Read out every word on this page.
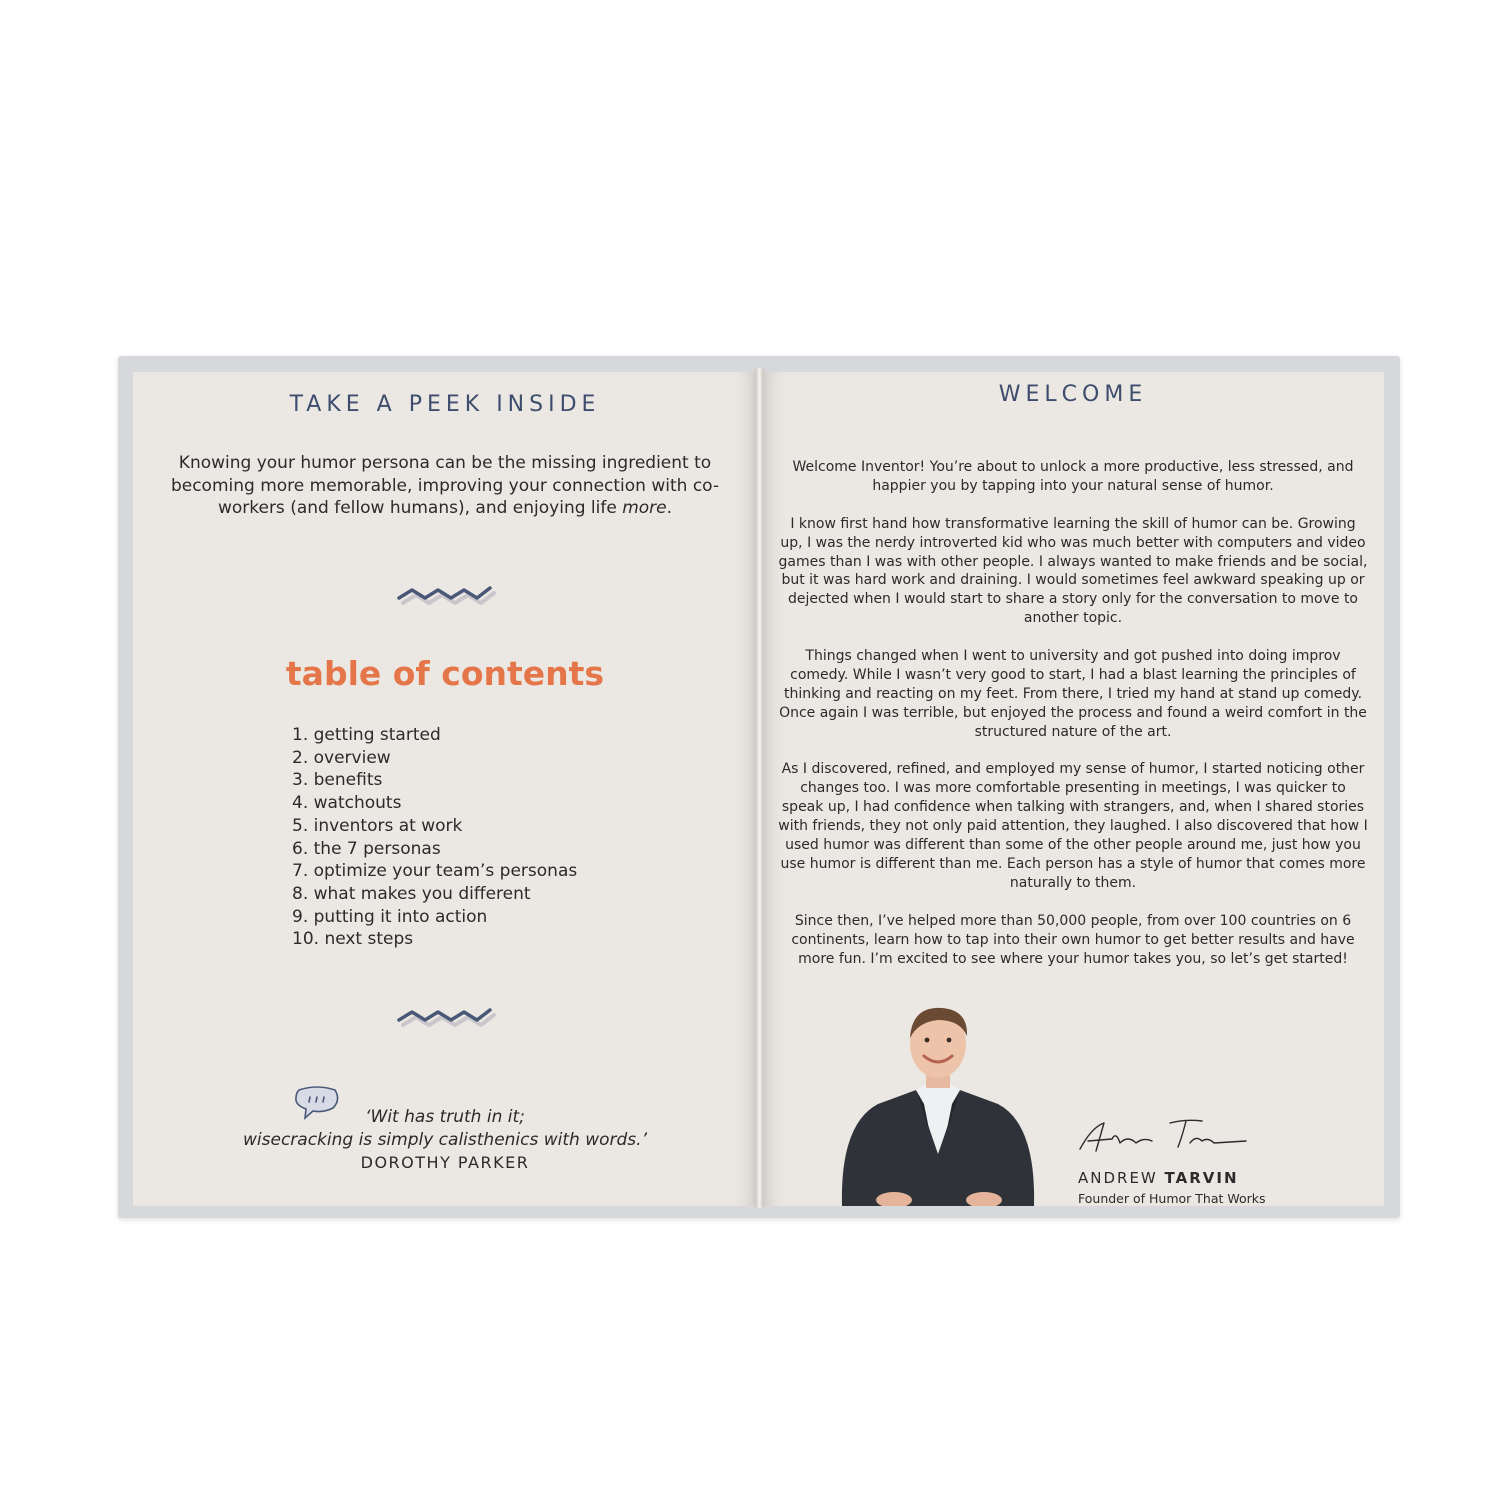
TAKE A PEEK INSIDE
Knowing your humor persona can be the missing ingredient to becoming more memorable, improving your connection with co-workers (and fellow humans), and enjoying life more.
table of contents
1. getting started
2. overview
3. benefits
4. watchouts
5. inventors at work
6. the 7 personas
7. optimize your team’s personas
8. what makes you different
9. putting it into action
10. next steps
‘Wit has truth in it;
wisecracking is simply calisthenics with words.’
DOROTHY PARKER
WELCOME

Welcome Inventor! You’re about to unlock a more productive, less stressed, and happier you by tapping into your natural sense of humor.

I know first hand how transformative learning the skill of humor can be. Growing up, I was the nerdy introverted kid who was much better with computers and video games than I was with other people. I always wanted to make friends and be social, but it was hard work and draining. I would sometimes feel awkward speaking up or dejected when I would start to share a story only for the conversation to move to another topic.

Things changed when I went to university and got pushed into doing improv comedy. While I wasn’t very good to start, I had a blast learning the principles of thinking and reacting on my feet. From there, I tried my hand at stand up comedy. Once again I was terrible, but enjoyed the process and found a weird comfort in the structured nature of the art.

As I discovered, refined, and employed my sense of humor, I started noticing other changes too. I was more comfortable presenting in meetings, I was quicker to speak up, I had confidence when talking with strangers, and, when I shared stories with friends, they not only paid attention, they laughed. I also discovered that how I used humor was different than some of the other people around me, just how you use humor is different than me. Each person has a style of humor that comes more naturally to them.

Since then, I’ve helped more than 50,000 people, from over 100 countries on 6 continents, learn how to tap into their own humor to get better results and have more fun. I’m excited to see where your humor takes you, so let’s get started!

ANDREW TARVIN
Founder of Humor That Works
